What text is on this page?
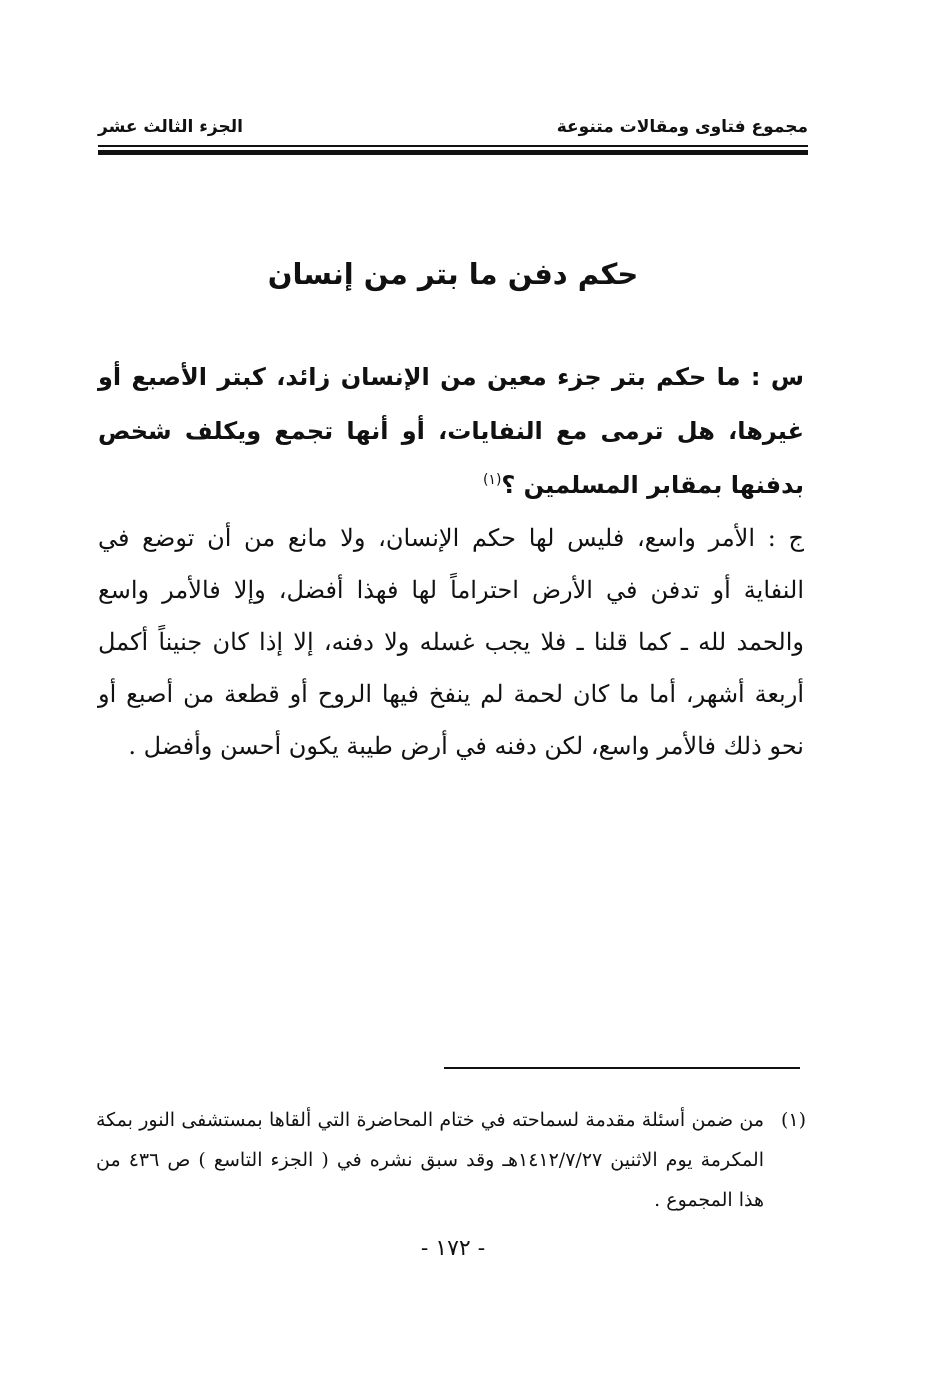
مجموع فتاوى ومقالات متنوعة
الجزء الثالث عشر
حكم دفن ما بتر من إنسان
س : ما حكم بتر جزء معين من الإنسان زائد، كبتر الأصبع أو غيرها، هل ترمى مع النفايات، أو أنها تجمع ويكلف شخص بدفنها بمقابر المسلمين ؟$^{(١)}$
ج : الأمر واسع، فليس لها حكم الإنسان، ولا مانع من أن توضع في النفاية أو تدفن في الأرض احتراماً لها فهذا أفضل، وإلا فالأمر واسع والحمد لله ـ كما قلنا ـ فلا يجب غسله ولا دفنه، إلا إذا كان جنيناً أكمل أربعة أشهر، أما ما كان لحمة لم ينفخ فيها الروح أو قطعة من أصبع أو نحو ذلك فالأمر واسع، لكن دفنه في أرض طيبة يكون أحسن وأفضل .
(١)
من ضمن أسئلة مقدمة لسماحته في ختام المحاضرة التي ألقاها بمستشفى النور بمكة المكرمة يوم الاثنين ١٤١٢/٧/٢٧هـ وقد سبق نشره في ( الجزء التاسع ) ص ٤٣٦ من هذا المجموع .
- ١٧٢ -
